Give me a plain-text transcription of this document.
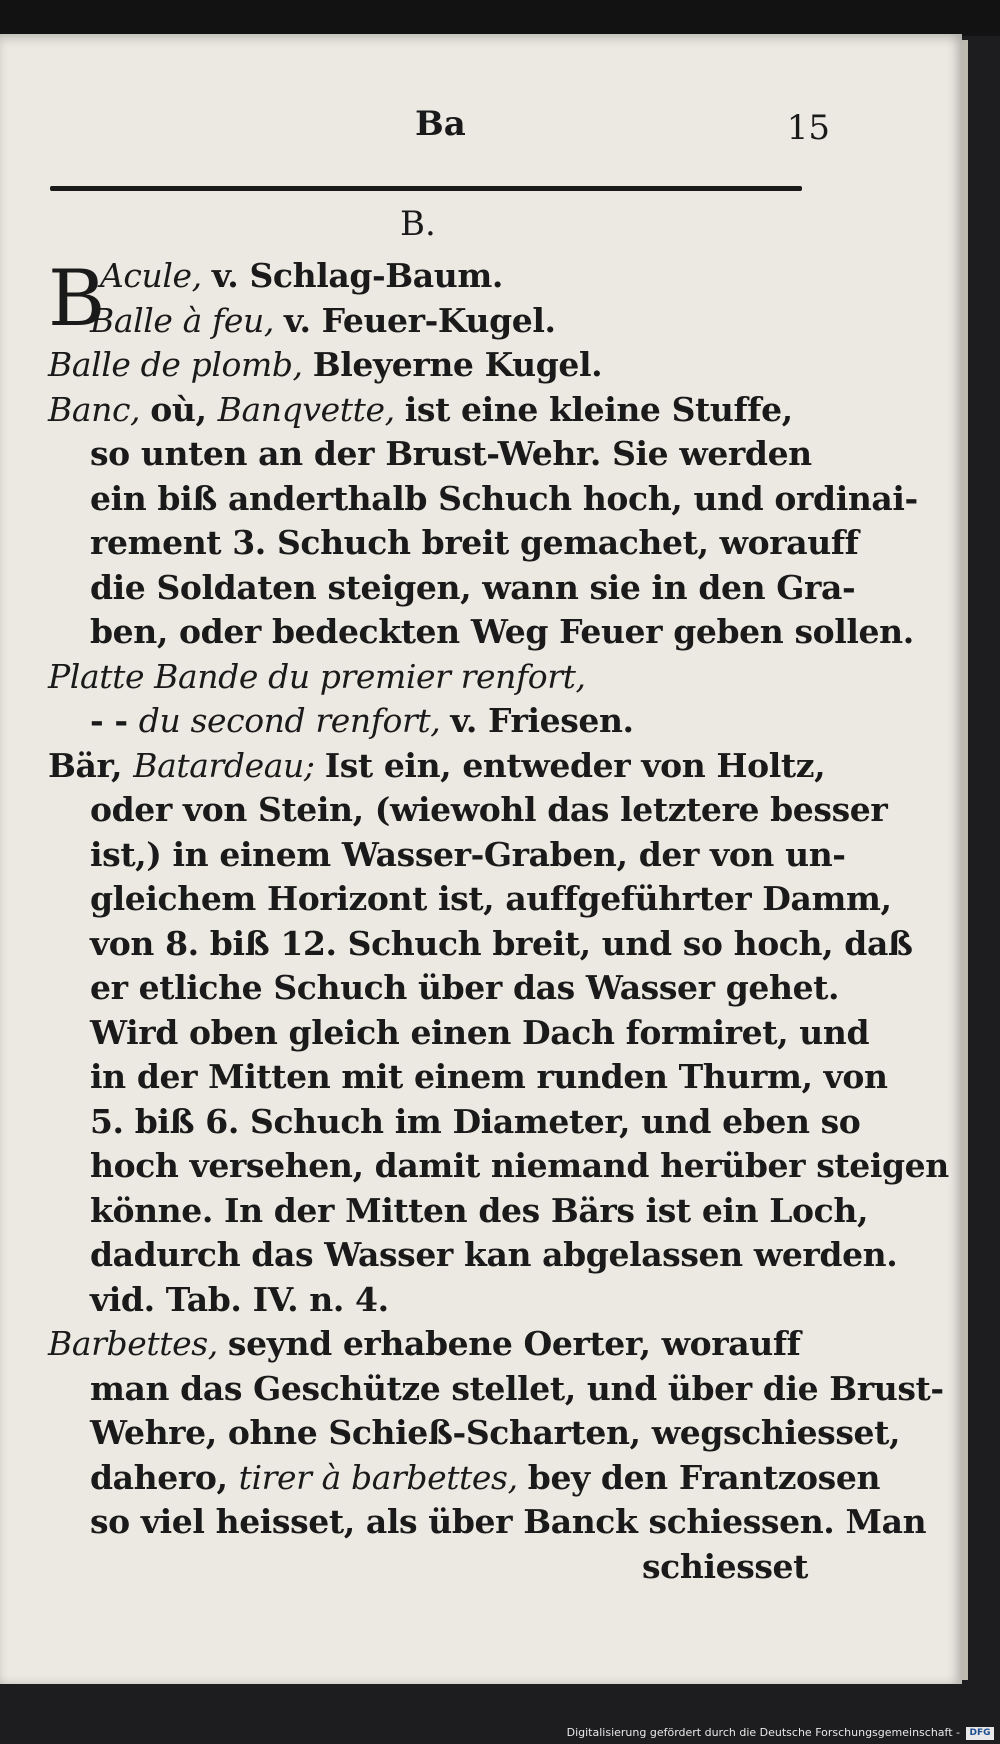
Ba	15
B.
B
Acule, v. Schlag-Baum.
Balle à feu, v. Feuer-Kugel.
Balle de plomb, Bleyerne Kugel.
Banc, où, Banqvette, ist eine kleine Stuffe,
so unten an der Brust-Wehr. Sie werden
ein biß anderthalb Schuch hoch, und ordinai-
rement 3. Schuch breit gemachet, worauff
die Soldaten steigen, wann sie in den Gra-
ben, oder bedeckten Weg Feuer geben sollen.
Platte Bande du premier renfort,
- - du second renfort, v. Friesen.
Bär, Batardeau; Ist ein, entweder von Holtz,
oder von Stein, (wiewohl das letztere besser
ist,) in einem Wasser-Graben, der von un-
gleichem Horizont ist, auffgeführter Damm,
von 8. biß 12. Schuch breit, und so hoch, daß
er etliche Schuch über das Wasser gehet.
Wird oben gleich einen Dach formiret, und
in der Mitten mit einem runden Thurm, von
5. biß 6. Schuch im Diameter, und eben so
hoch versehen, damit niemand herüber steigen
könne. In der Mitten des Bärs ist ein Loch,
dadurch das Wasser kan abgelassen werden.
vid. Tab. IV. n. 4.
Barbettes, seynd erhabene Oerter, worauff
man das Geschütze stellet, und über die Brust-
Wehre, ohne Schieß-Scharten, wegschiesset,
dahero, tirer à barbettes, bey den Frantzosen
so viel heisset, als über Banck schiessen. Man
schiesset
Digitalisierung gefördert durch die Deutsche Forschungsgemeinschaft -	DFG
